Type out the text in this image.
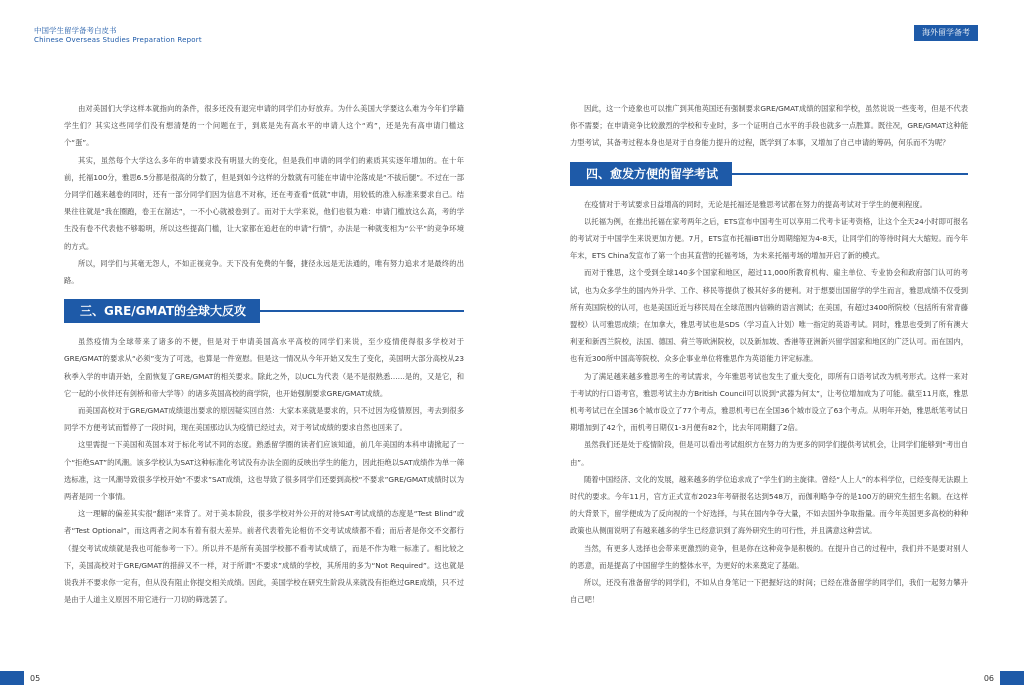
中国学生留学备考白皮书
Chinese Overseas Studies Preparation Report
海外留学备考

由对美国们大学这样本就指向的条件，很多还没有退完申请的同学们办好放弃。为什么美国大学要这么难为今年们学籍学生们？其实这些同学们没有想清楚的一个问题在于，到底是先有高水平的申请人这个“鸡”，还是先有高申请门槛这个“蛋”。

其实，虽然每个大学这么多年的申请要求没有明显大的变化，但是我们申请的同学们的素质其实逐年增加的。在十年前，托福100分，雅思6.5分都是很高的分数了，但是到如今这样的分数就有可能在申请中沦落成是“不拔后腿”。不过在一部分同学们越来越卷的同时，还有一部分同学们因为信息不对称，还在考查看“低就”申请，用较低的准入标准来要求自己。结果往往就是“我在圈跑，卷王在溜达”，一不小心就被卷到了。而对于大学来说，他们也很为难：申请门槛放这么高，考的学生没有卷不代表他不够聪明，所以这些提高门槛，让大家都在追赶在的申请“行情”，办法是一种就变相为“公平”的竞争环境的方式。

所以，同学们与其毫无怨人，不如正视竞争。天下没有免费的午餐，捷径永远是无法通的，唯有努力追求才是最终的出路。

三、GRE/GMAT的全球大反攻

虽然疫情为全球带来了诸多的不便，但是对于申请美国高水平高校的同学们来说，至少疫情使得很多学校对于GRE/GMAT的要求从“必须”变为了可选，也算是一件宽慰。但是这一情况从今年开始又发生了变化，美国明大部分高校从23秋季入学的申请开始，全面恢复了GRE/GMAT的相关要求。除此之外，以UCL为代表（是不是很熟悉……是的，又是它，和它一起的小伙伴还有剑桥和帝大学等）的诸多英国高校的商学院，也开始强制要求GRE/GMAT成绩。

而美国高校对于GRE/GMAT成绩退出要求的原因疑实回自然：大家本来就是要求的，只不过因为疫情原因，考去到很多同学不方便考试而暂停了一段时间，现在美国那边认为疫情已经过去，对于考试成绩的要求自然也回来了。

这里需提一下美国和英国本对于标化考试不同的态度。熟悉留学圈的读者们应该知道，前几年美国的本科申请掀起了一个“拒绝SAT”的风潮。该多学校认为SAT这种标准化考试没有办法全面的反映出学生的能力，因此拒绝以SAT成绩作为单一筛选标准，这一风潮导致很多学校开始“不要求”SAT成绩，这也导致了很多同学们还要到高校“不要求”GRE/GMAT成绩时以为两者是同一个事情。

这一理解的偏差其实很“翻译”来背了。对于美本阶段，很多学校对外公开的对待SAT考试成绩的态度是“Test Blind”或者“Test Optional”，而这两者之间本有着有很大差异。前者代表着先论相仿不交考试成绩都不看；而后者是你交不交都行（提交考试成绩就是我也可能参考一下）。所以并不是所有美国学校都不看考试成绩了，而是不作为唯一标准了。相比较之下，美国高校对于GRE/GMAT的措辞又不一样，对于所谓“不要求”成绩的学校，其所用的多为“Not Required”。这也就是说我并不要求你一定有，但从没有阻止你提交相关成绩。因此，美国学校在研究生阶段从来就没有拒绝过GRE成绩，只不过是由于人道主义原因不用它进行一刀切的筛选罢了。

因此，这一个迹象也可以推广到其他英国还有强制要求GRE/GMAT成绩的国家和学校，虽然说说一些变考，但是不代表你不需要；在申请竞争比较激烈的学校和专业时，多一个证明自己水平的手段也就多一点胜算。既往况，GRE/GMAT这种能力型考试，其备考过程本身也是对于自身能力提升的过程，既学到了本事，又增加了自己申请的筹码，何乐而不为呢？

四、愈发方便的留学考试

在疫情对于考试要求日益增高的同时，无论是托福还是雅思考试都在努力的提高考试对于学生的便利程度。

以托福为例，在推出托福在家考两年之后，ETS宣布中国考生可以享用二代考卡证考资格，让这个全天24小时即可报名的考试对于中国学生来说更加方便。7月，ETS宣布托福iBT出分周期缩短为4-8天，让同学们的等待时间大大缩短。而今年年末，ETS China发宣布了第一个由其直营的托福考场，为未来托福考场的增加开启了新的模式。

而对于雅思，这个受到全球140多个国家和地区，超过11,000所教育机构、雇主单位、专业协会和政府部门认可的考试，也为众多学生的国内外升学、工作、移民等提供了极其好多的便利。对于想要出国留学的学生而言，雅思成绩不仅受到所有英国院校的认可，也是美国近近与移民局在全球范围内信赖的语言测试；在美国，有超过3400所院校（包括所有常青藤盟校）认可雅思成绩；在加拿大，雅思考试也是SDS（学习直入计划）唯一指定的英语考试。同时，雅思也受到了所有澳大利亚和新西兰院校，法国、德国、荷兰等欧洲院校，以及新加坡、香港等亚洲新兴留学国家和地区的广泛认可。而在国内，也有近300所中国高等院校、众多企事业单位将雅思作为英语能力评定标准。

为了满足越来越多雅思考生的考试需求，今年雅思考试也发生了重大变化，即所有口语考试改为机考形式。这样一来对于考试的行口语考官，雅思考试主办方British Council可以说到“武器为何太”，让考位增加成为了可能。截至11月底，雅思机考考试已在全国36个城市设立了77个考点，雅思机考已在全国36个城市设立了63个考点。从明年开始，雅思纸笔考试日期增加到了42个，而机考日期仅1-3月便有82个，比去年同期翻了2倍。

虽然我们还是处于疫情阶段，但是可以看出考试组织方在努力的为更多的同学们提供考试机会，让同学们能够到“考出自由”。

随着中国经济、文化的发展，越来越多的学位追求成了“学生们的主旋律。曾经“人上人”的本科学位，已经变得无法跟上时代的要求。今年11月，官方正式宣布2023年考研报名达到548万，而伽利略争夺的是100万的研究生招生名额。在这样的大背景下，留学便成为了反向视的一个好选择，与其在国内争夺大量，不如去国外争取指量。而今年英国更多高校的种种政策也从侧面说明了有越来越多的学生已经意识到了海外研究生的可行性，并且满意这种尝试。

当然，有更多人选择也会带来更激烈的竞争，但是你在这种竞争是积极的。在提升自己的过程中，我们并不是要对别人的恶意，而是提高了中国留学生的整体水平，为更好的未来奠定了基础。

所以，还没有准备留学的同学们，不如从自身笔记一下把握好这的时间；已经在准备留学的同学们，我们一起努力攀升自己吧！

05	06
